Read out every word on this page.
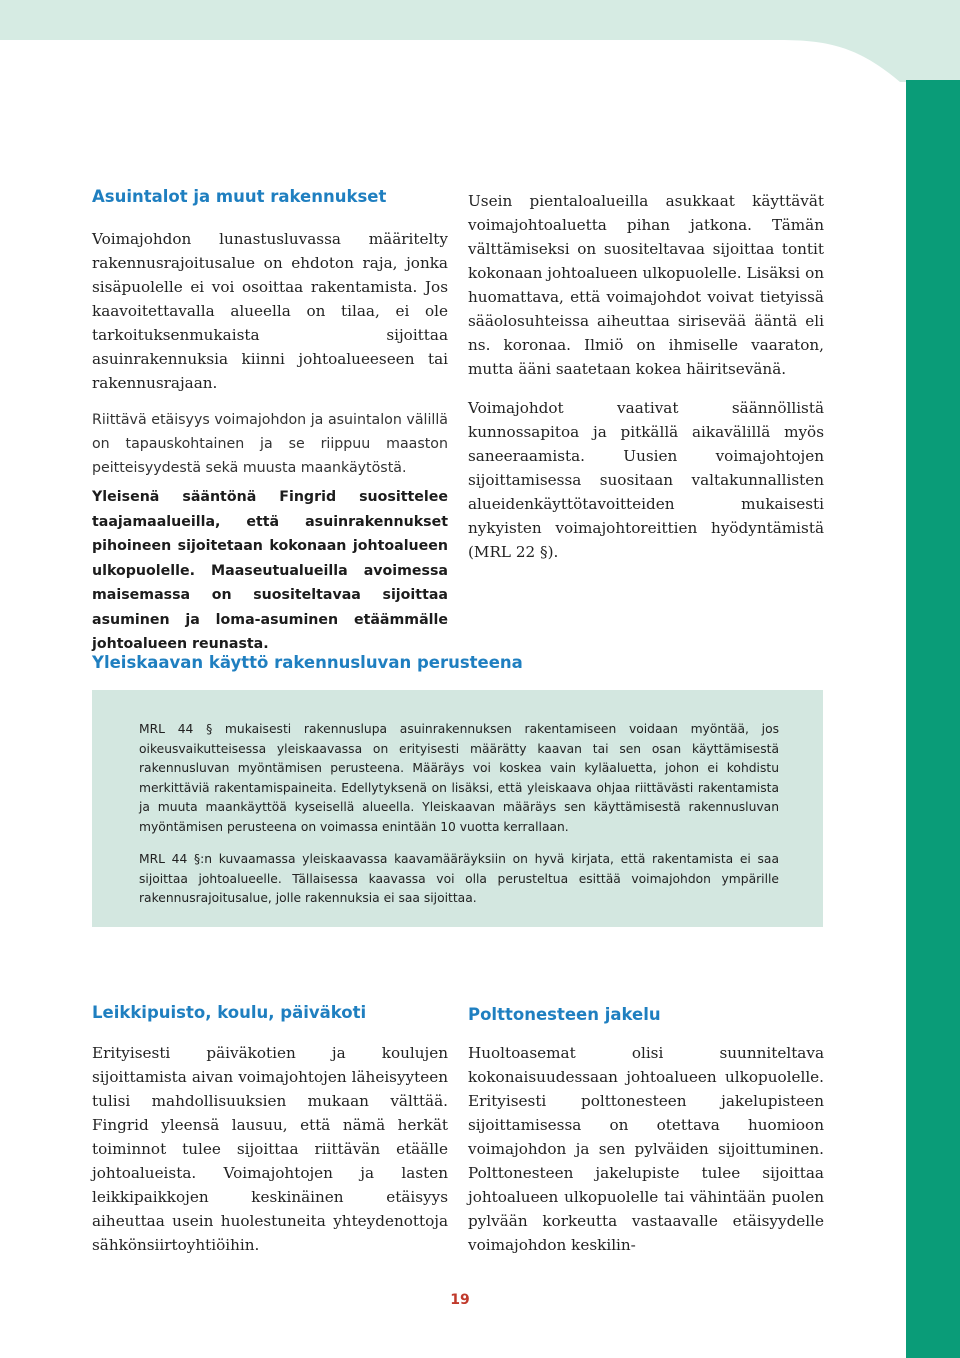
Asuintalot ja muut rakennukset

Voimajohdon lunastusluvassa määritelty rakennusrajoitusalue on ehdoton raja, jonka sisäpuolelle ei voi osoittaa rakentamista. Jos kaavoitettavalla alueella on tilaa, ei ole tarkoituksenmukaista sijoittaa asuinrakennuksia kiinni johtoalueeseen tai rakennusrajaan.

Riittävä etäisyys voimajohdon ja asuintalon välillä on tapauskohtainen ja se riippuu maaston peitteisyydestä sekä muusta maankäytöstä.

Yleisenä sääntönä Fingrid suosittelee taajamaalueilla, että asuinrakennukset pihoineen sijoitetaan kokonaan johtoalueen ulkopuolelle. Maaseutualueilla avoimessa maisemassa on suositeltavaa sijoittaa asuminen ja loma-asuminen etäämmälle johtoalueen reunasta.

Usein pientaloalueilla asukkaat käyttävät voimajohtoaluetta pihan jatkona. Tämän välttämiseksi on suositeltavaa sijoittaa tontit kokonaan johtoalueen ulkopuolelle. Lisäksi on huomattava, että voimajohdot voivat tietyissä sääolosuhteissa aiheuttaa sirisevää ääntä eli ns. koronaa. Ilmiö on ihmiselle vaaraton, mutta ääni saatetaan kokea häiritsevänä.

Voimajohdot vaativat säännöllistä kunnossapitoa ja pitkällä aikavälillä myös saneeraamista. Uusien voimajohtojen sijoittamisessa suositaan valtakunnallisten alueidenkäyttötavoitteiden mukaisesti nykyisten voimajohtoreittien hyödyntämistä (MRL 22 §).

Yleiskaavan käyttö rakennusluvan perusteena

MRL 44 § mukaisesti rakennuslupa asuinrakennuksen rakentamiseen voidaan myöntää, jos oikeusvaikutteisessa yleiskaavassa on erityisesti määrätty kaavan tai sen osan käyttämisestä rakennusluvan myöntämisen perusteena. Määräys voi koskea vain kyläaluetta, johon ei kohdistu merkittäviä rakentamispaineita. Edellytyksenä on lisäksi, että yleiskaava ohjaa riittävästi rakentamista ja muuta maankäyttöä kyseisellä alueella. Yleiskaavan määräys sen käyttämisestä rakennusluvan myöntämisen perusteena on voimassa enintään 10 vuotta kerrallaan.

MRL 44 §:n kuvaamassa yleiskaavassa kaavamääräyksiin on hyvä kirjata, että rakentamista ei saa sijoittaa johtoalueelle. Tällaisessa kaavassa voi olla perusteltua esittää voimajohdon ympärille rakennusrajoitusalue, jolle rakennuksia ei saa sijoittaa.

Leikkipuisto, koulu, päiväkoti

Erityisesti päiväkotien ja koulujen sijoittamista aivan voimajohtojen läheisyyteen tulisi mahdollisuuksien mukaan välttää. Fingrid yleensä lausuu, että nämä herkät toiminnot tulee sijoittaa riittävän etäälle johtoalueista. Voimajohtojen ja lasten leikkipaikkojen keskinäinen etäisyys aiheuttaa usein huolestuneita yhteydenottoja sähkönsiirtoyhtiöihin.

Polttonesteen jakelu

Huoltoasemat olisi suunniteltava kokonaisuudessaan johtoalueen ulkopuolelle. Erityisesti polttonesteen jakelupisteen sijoittamisessa on otettava huomioon voimajohdon ja sen pylväiden sijoittuminen. Polttonesteen jakelupiste tulee sijoittaa johtoalueen ulkopuolelle tai vähintään puolen pylvään korkeutta vastaavalle etäisyydelle voimajohdon keskilin-

19
